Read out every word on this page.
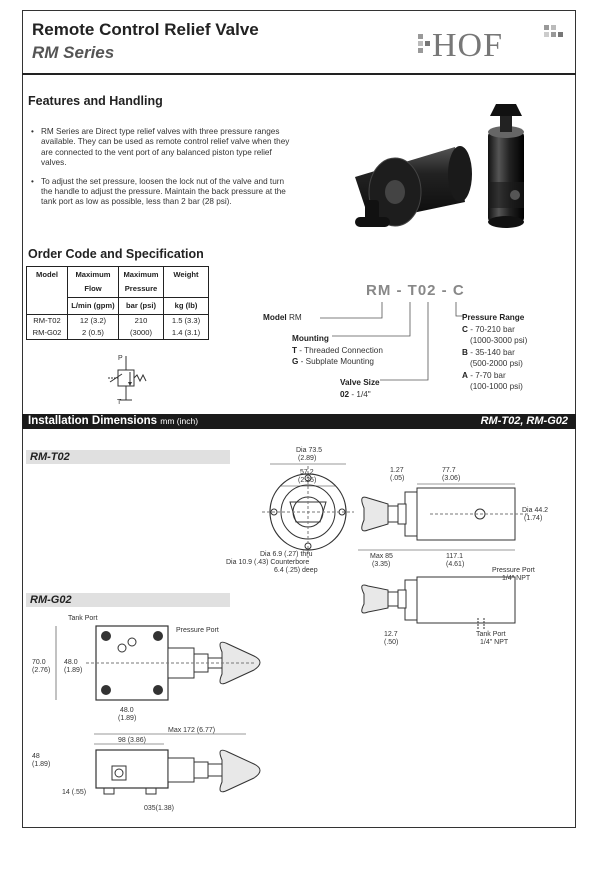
Remote Control Relief Valve
RM Series	HOF
Features and Handling

• RM Series are Direct type relief valves with three pressure ranges available. They can be used as remote control relief valve when they are connected to the vent port of any balanced piston type relief valves.

• To adjust the set pressure, loosen the lock nut of the valve and turn the handle to adjust the pressure. Maintain the back pressure at the tank port as low as possible, less than 2 bar (28 psi).

Order Code and Specification
Model	Maximum Flow	Maximum Pressure	Weight
	L/min (gpm)	bar (psi)	kg (lb)
RM-T02	12 (3.2)	210	1.5 (3.3)
RM-G02	2 (0.5)	(3000)	1.4 (3.1)
P
T
RM - T02 - C
Model RM
Mounting
T - Threaded Connection
G - Subplate Mounting
Valve Size
02 - 1/4"
Pressure Range
C - 70-210 bar
(1000-3000 psi)
B - 35-140 bar
(500-2000 psi)
A - 7-70 bar
(100-1000 psi)
Installation Dimensions mm (inch)	RM-T02, RM-G02
RM-T02
Dia 73.5
(2.89)
57.2
(2.25)
Dia 6.9 (.27) thru
Dia 10.9 (.43) Counterbore
6.4 (.25) deep
1.27
(.05)
77.7
(3.06)
Dia 44.2
(1.74)
Max 85
(3.35)
117.1
(4.61)
Pressure Port
1/4" NPT
Tank Port
1/4" NPT
12.7
(.50)
RM-G02
Tank Port
Pressure Port
70.0
(2.76)
48.0
(1.89)
48.0
(1.89)
Max 172 (6.77)
98 (3.86)
48
(1.89)
14 (.55)
035(1.38)
